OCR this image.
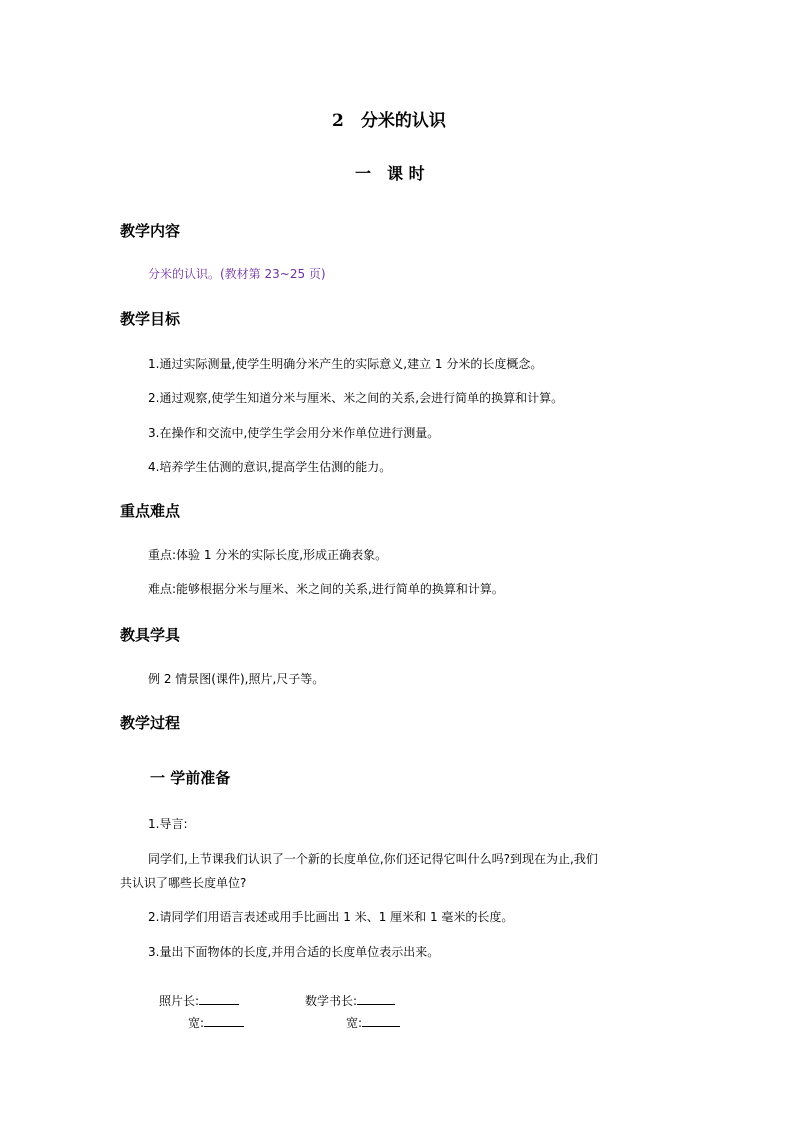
2　分米的认识
一　课 时
教学内容
分米的认识。(教材第 23~25 页)
教学目标
1.通过实际测量,使学生明确分米产生的实际意义,建立 1 分米的长度概念。
2.通过观察,使学生知道分米与厘米、米之间的关系,会进行简单的换算和计算。
3.在操作和交流中,使学生学会用分米作单位进行测量。
4.培养学生估测的意识,提高学生估测的能力。
重点难点
重点:体验 1 分米的实际长度,形成正确表象。
难点:能够根据分米与厘米、米之间的关系,进行简单的换算和计算。
教具学具
例 2 情景图(课件),照片,尺子等。
教学过程
一 学前准备
1.导言:
同学们,上节课我们认识了一个新的长度单位,你们还记得它叫什么吗?到现在为止,我们
共认识了哪些长度单位?
2.请同学们用语言表述或用手比画出 1 米、1 厘米和 1 毫米的长度。
3.量出下面物体的长度,并用合适的长度单位表示出来。
照片长:
宽:
数学书长:
宽:
